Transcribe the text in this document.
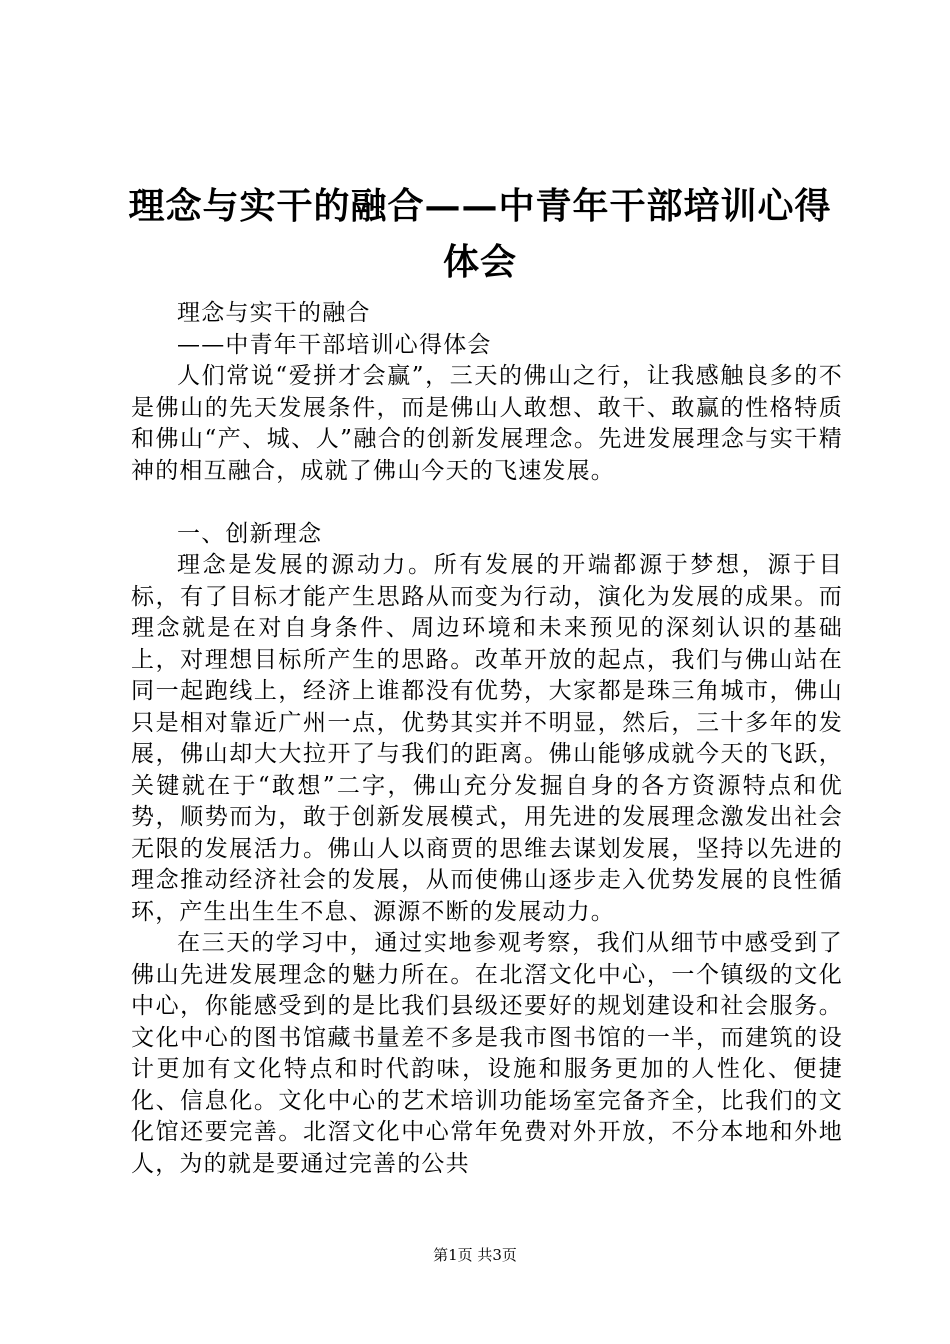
理念与实干的融合——中青年干部培训心得体会

理念与实干的融合

——中青年干部培训心得体会

人们常说“爱拼才会赢”，三天的佛山之行，让我感触良多的不是佛山的先天发展条件，而是佛山人敢想、敢干、敢赢的性格特质和佛山“产、城、人”融合的创新发展理念。先进发展理念与实干精神的相互融合，成就了佛山今天的飞速发展。

一、创新理念

理念是发展的源动力。所有发展的开端都源于梦想，源于目标，有了目标才能产生思路从而变为行动，演化为发展的成果。而理念就是在对自身条件、周边环境和未来预见的深刻认识的基础上，对理想目标所产生的思路。改革开放的起点，我们与佛山站在同一起跑线上，经济上谁都没有优势，大家都是珠三角城市，佛山只是相对靠近广州一点，优势其实并不明显，然后，三十多年的发展，佛山却大大拉开了与我们的距离。佛山能够成就今天的飞跃，关键就在于“敢想”二字，佛山充分发掘自身的各方资源特点和优势，顺势而为，敢于创新发展模式，用先进的发展理念激发出社会无限的发展活力。佛山人以商贾的思维去谋划发展，坚持以先进的理念推动经济社会的发展，从而使佛山逐步走入优势发展的良性循环，产生出生生不息、源源不断的发展动力。

在三天的学习中，通过实地参观考察，我们从细节中感受到了佛山先进发展理念的魅力所在。在北滘文化中心，一个镇级的文化中心，你能感受到的是比我们县级还要好的规划建设和社会服务。文化中心的图书馆藏书量差不多是我市图书馆的一半，而建筑的设计更加有文化特点和时代韵味，设施和服务更加的人性化、便捷化、信息化。文化中心的艺术培训功能场室完备齐全，比我们的文化馆还要完善。北滘文化中心常年免费对外开放，不分本地和外地人，为的就是要通过完善的公共

第1页 共3页
